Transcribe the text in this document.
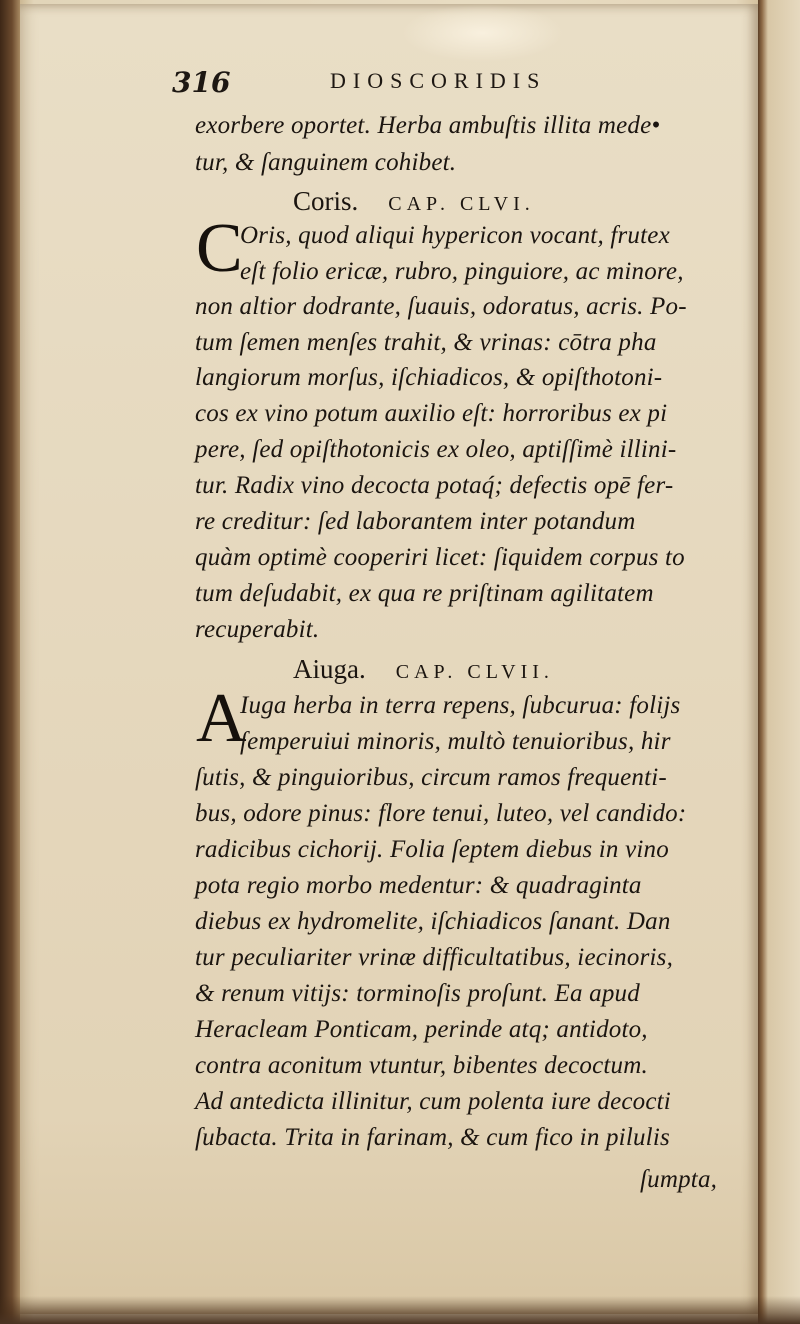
316	DIOSCORIDIS
exorbere oportet. Herba ambuſtis illita mede•
tur, & ſanguinem cohibet.
Coris. CAP. CLVI.
C
Oris, quod aliqui hypericon vocant, frutex
eſt folio ericæ, rubro, pinguiore, ac minore,
non altior dodrante, ſuauis, odoratus, acris. Po-
tum ſemen menſes trahit, & vrinas: cōtra pha
langiorum morſus, iſchiadicos, & opiſthotoni-
cos ex vino potum auxilio eſt: horroribus ex pi
pere, ſed opiſthotonicis ex oleo, aptiſſimè illini-
tur. Radix vino decocta potaq́; defectis opē fer-
re creditur: ſed laborantem inter potandum
quàm optimè cooperiri licet: ſiquidem corpus to
tum deſudabit, ex qua re priſtinam agilitatem
recuperabit.
Aiuga. CAP. CLVII.
A
Iuga herba in terra repens, ſubcurua: folijs
ſemperuiui minoris, multò tenuioribus, hir
ſutis, & pinguioribus, circum ramos frequenti-
bus, odore pinus: flore tenui, luteo, vel candido:
radicibus cichorij. Folia ſeptem diebus in vino
pota regio morbo medentur: & quadraginta
diebus ex hydromelite, iſchiadicos ſanant. Dan
tur peculiariter vrinæ difficultatibus, iecinoris,
& renum vitijs: torminoſis proſunt. Ea apud
Heracleam Ponticam, perinde atq; antidoto,
contra aconitum vtuntur, bibentes decoctum.
Ad antedicta illinitur, cum polenta iure decocti
ſubacta. Trita in farinam, & cum fico in pilulis
ſumpta,
